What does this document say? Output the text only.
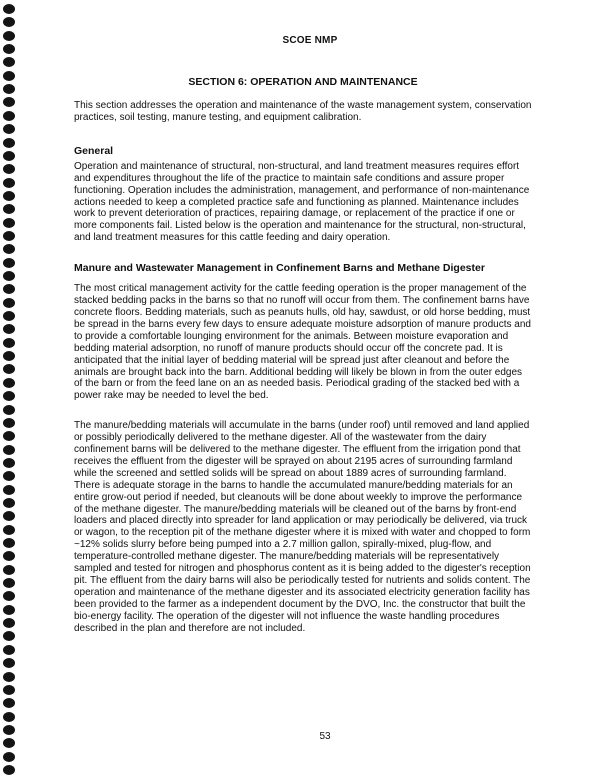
SCOE NMP
SECTION 6: OPERATION AND MAINTENANCE

This section addresses the operation and maintenance of the waste management system, conservation practices, soil testing, manure testing, and equipment calibration.

General

Operation and maintenance of structural, non-structural, and land treatment measures requires effort and expenditures throughout the life of the practice to maintain safe conditions and assure proper functioning. Operation includes the administration, management, and performance of non-maintenance actions needed to keep a completed practice safe and functioning as planned. Maintenance includes work to prevent deterioration of practices, repairing damage, or replacement of the practice if one or more components fail. Listed below is the operation and maintenance for the structural, non-structural, and land treatment measures for this cattle feeding and dairy operation.

Manure and Wastewater Management in Confinement Barns and Methane Digester

The most critical management activity for the cattle feeding operation is the proper management of the stacked bedding packs in the barns so that no runoff will occur from them. The confinement barns have concrete floors. Bedding materials, such as peanuts hulls, old hay, sawdust, or old horse bedding, must be spread in the barns every few days to ensure adequate moisture adsorption of manure products and to provide a comfortable lounging environment for the animals. Between moisture evaporation and bedding material adsorption, no runoff of manure products should occur off the concrete pad. It is anticipated that the initial layer of bedding material will be spread just after cleanout and before the animals are brought back into the barn. Additional bedding will likely be blown in from the outer edges of the barn or from the feed lane on an as needed basis. Periodical grading of the stacked bed with a power rake may be needed to level the bed.

The manure/bedding materials will accumulate in the barns (under roof) until removed and land applied or possibly periodically delivered to the methane digester. All of the wastewater from the dairy confinement barns will be delivered to the methane digester. The effluent from the irrigation pond that receives the effluent from the digester will be sprayed on about 2195 acres of surrounding farmland while the screened and settled solids will be spread on about 1889 acres of surrounding farmland. There is adequate storage in the barns to handle the accumulated manure/bedding materials for an entire grow-out period if needed, but cleanouts will be done about weekly to improve the performance of the methane digester. The manure/bedding materials will be cleaned out of the barns by front-end loaders and placed directly into spreader for land application or may periodically be delivered, via truck or wagon, to the reception pit of the methane digester where it is mixed with water and chopped to form ~12% solids slurry before being pumped into a 2.7 million gallon, spirally-mixed, plug-flow, and temperature-controlled methane digester. The manure/bedding materials will be representatively sampled and tested for nitrogen and phosphorus content as it is being added to the digester's reception pit. The effluent from the dairy barns will also be periodically tested for nutrients and solids content. The operation and maintenance of the methane digester and its associated electricity generation facility has been provided to the farmer as a independent document by the DVO, Inc. the constructor that built the bio-energy facility. The operation of the digester will not influence the waste handling procedures described in the plan and therefore are not included.

53
